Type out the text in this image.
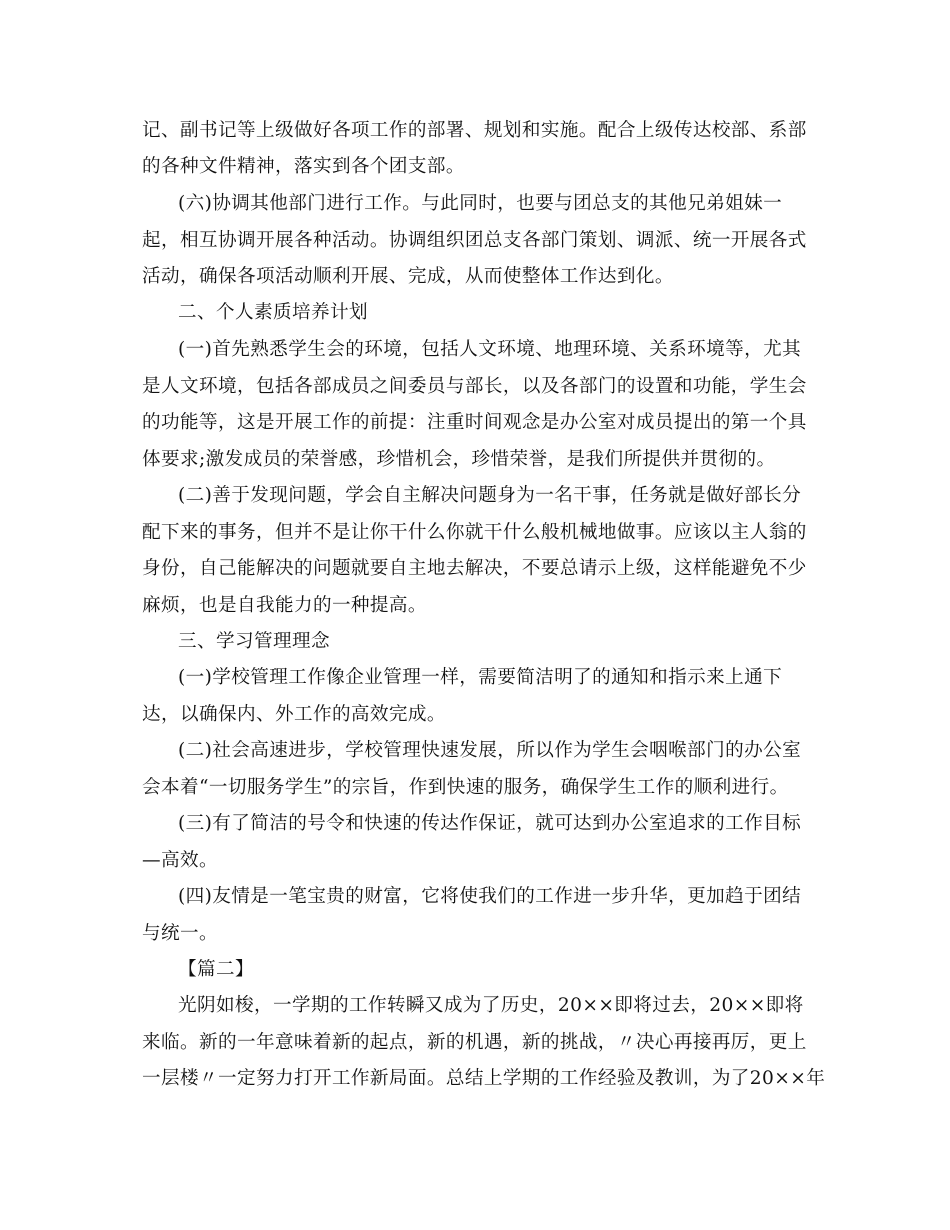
记、副书记等上级做好各项工作的部署、规划和实施。配合上级传达校部、系部
的各种文件精神，落实到各个团支部。
(六)协调其他部门进行工作。与此同时，也要与团总支的其他兄弟姐妹一
起，相互协调开展各种活动。协调组织团总支各部门策划、调派、统一开展各式
活动，确保各项活动顺利开展、完成，从而使整体工作达到化。
二、个人素质培养计划
(一)首先熟悉学生会的环境，包括人文环境、地理环境、关系环境等，尤其
是人文环境，包括各部成员之间委员与部长，以及各部门的设置和功能，学生会
的功能等，这是开展工作的前提：注重时间观念是办公室对成员提出的第一个具
体要求;激发成员的荣誉感，珍惜机会，珍惜荣誉，是我们所提供并贯彻的。
(二)善于发现问题，学会自主解决问题身为一名干事，任务就是做好部长分
配下来的事务，但并不是让你干什么你就干什么般机械地做事。应该以主人翁的
身份，自己能解决的问题就要自主地去解决，不要总请示上级，这样能避免不少
麻烦，也是自我能力的一种提高。
三、学习管理理念
(一)学校管理工作像企业管理一样，需要简洁明了的通知和指示来上通下
达，以确保内、外工作的高效完成。
(二)社会高速进步，学校管理快速发展，所以作为学生会咽喉部门的办公室
会本着“一切服务学生”的宗旨，作到快速的服务，确保学生工作的顺利进行。
(三)有了简洁的号令和快速的传达作保证，就可达到办公室追求的工作目标
—高效。
(四)友情是一笔宝贵的财富，它将使我们的工作进一步升华，更加趋于团结
与统一。
【篇二】
光阴如梭，一学期的工作转瞬又成为了历史，20××即将过去，20××即将
来临。新的一年意味着新的起点，新的机遇，新的挑战，〃决心再接再厉，更上
一层楼〃一定努力打开工作新局面。总结上学期的工作经验及教训，为了20××年
